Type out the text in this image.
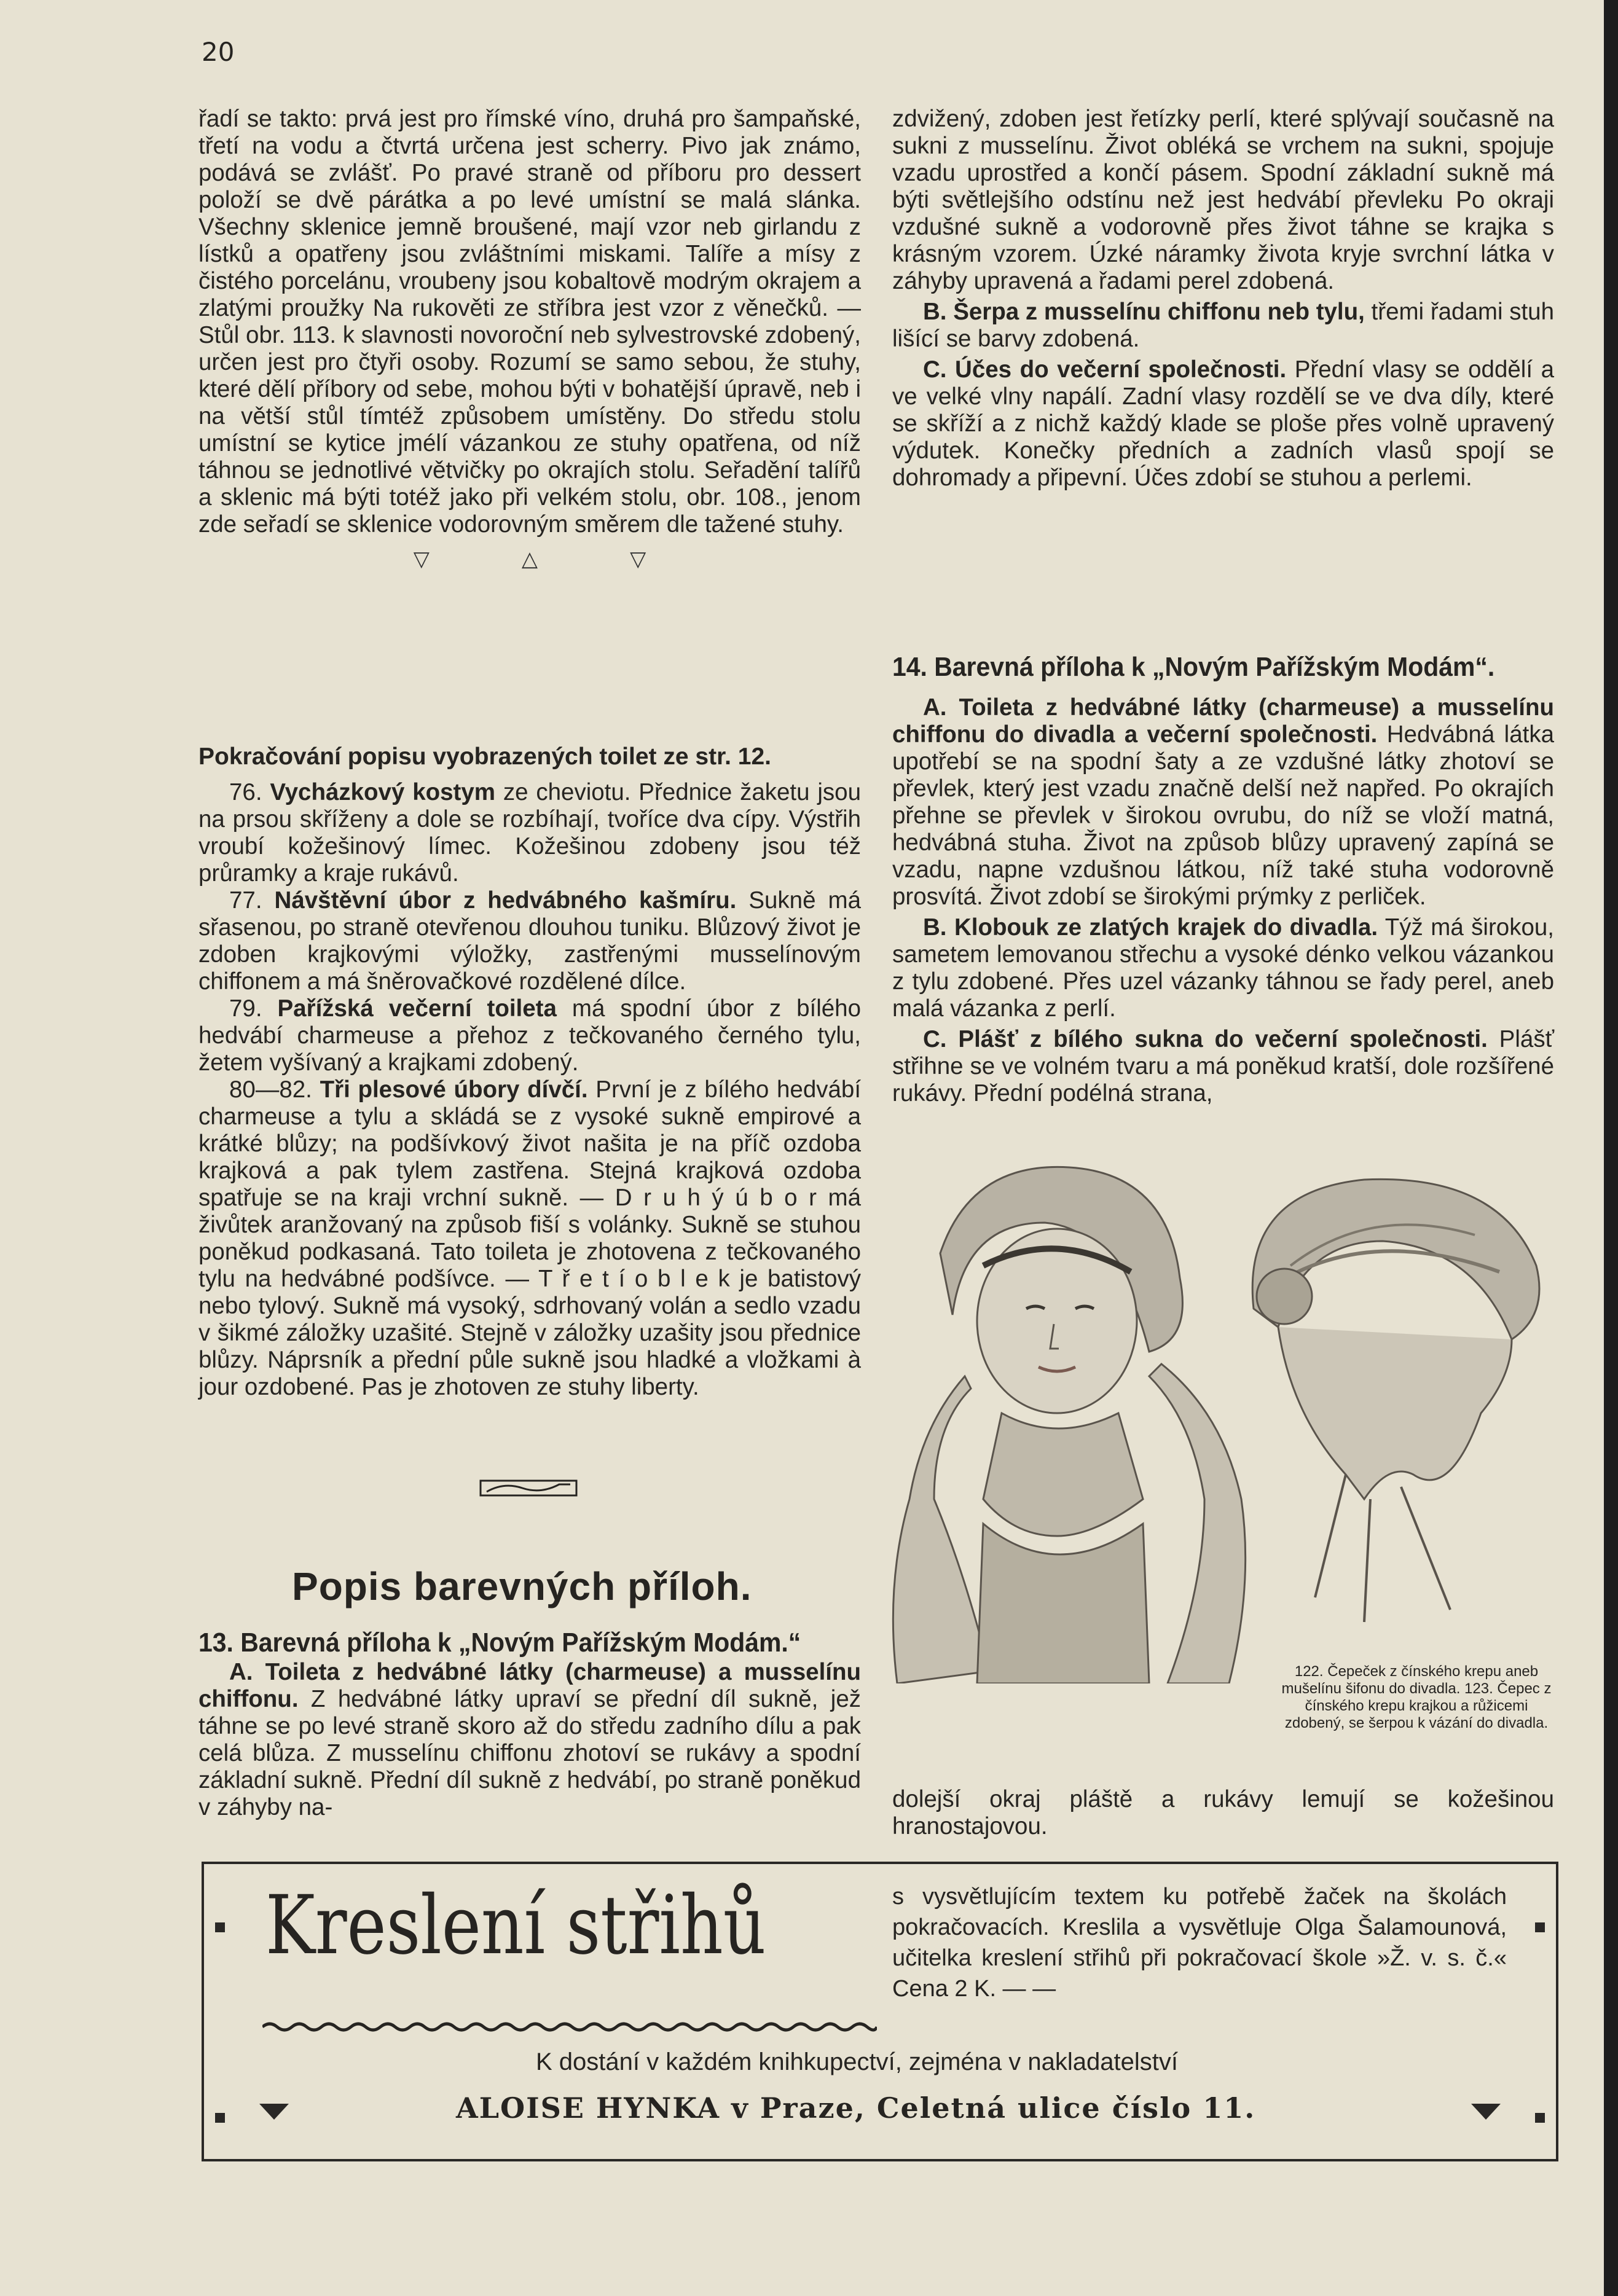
20

řadí se takto: prvá jest pro římské víno, druhá pro šampaňské, třetí na vodu a čtvrtá určena jest scherry. Pivo jak známo, podává se zvlášť. Po pravé straně od příboru pro dessert položí se dvě párátka a po levé umístní se malá slánka. Všechny sklenice jemně broušené, mají vzor neb girlandu z lístků a opatřeny jsou zvláštními miskami. Talíře a mísy z čistého porcelánu, vroubeny jsou kobaltově modrým okrajem a zlatými proužky Na rukověti ze stříbra jest vzor z věnečků. — Stůl obr. 113. k slavnosti novoroční neb sylvestrovské zdobený, určen jest pro čtyři osoby. Rozumí se samo sebou, že stuhy, které dělí příbory od sebe, mohou býti v bohatější úpravě, neb i na větší stůl tímtéž způsobem umístěny. Do středu stolu umístní se kytice jmélí vázankou ze stuhy opatřena, od níž táhnou se jednotlivé větvičky po okrajích stolu. Seřadění talířů a sklenic má býti totéž jako při velkém stolu, obr. 108., jenom zde seřadí se sklenice vodorovným směrem dle tažené stuhy.

▽△▽

Pokračování popisu vyobrazených toilet ze str. 12.

76. Vycházkový kostym ze cheviotu. Přednice žaketu jsou na prsou skříženy a dole se rozbíhají, tvoříce dva cípy. Výstřih vroubí kožešinový límec. Kožešinou zdobeny jsou též průramky a kraje rukávů.

77. Návštěvní úbor z hedvábného kašmíru. Sukně má sřasenou, po straně otevřenou dlouhou tuniku. Blůzový život je zdoben krajkovými výložky, zastřenými musselínovým chiffonem a má šněrovačkové rozdělené dílce.

79. Pařížská večerní toileta má spodní úbor z bílého hedvábí charmeuse a přehoz z tečkovaného černého tylu, žetem vyšívaný a krajkami zdobený.

80—82. Tři plesové úbory dívčí. První je z bílého hedvábí charmeuse a tylu a skládá se z vysoké sukně empirové a krátké blůzy; na podšívkový život našita je na příč ozdoba krajková a pak tylem zastřena. Stejná krajková ozdoba spatřuje se na kraji vrchní sukně. — D r u h ý ú b o r má živůtek aranžovaný na způsob fiší s volánky. Sukně se stuhou poněkud podkasaná. Tato toileta je zhotovena z tečkovaného tylu na hedvábné podšívce. — T ř e t í o b l e k je batistový nebo tylový. Sukně má vysoký, sdrhovaný volán a sedlo vzadu v šikmé záložky uzašité. Stejně v záložky uzašity jsou přednice blůzy. Náprsník a přední půle sukně jsou hladké a vložkami à jour ozdobené. Pas je zhotoven ze stuhy liberty.

Popis barevných příloh.

13. Barevná příloha k „Novým Pařížským Modám.“

A. Toileta z hedvábné látky (charmeuse) a musselínu chiffonu. Z hedvábné látky upraví se přední díl sukně, jež táhne se po levé straně skoro až do středu zadního dílu a pak celá blůza. Z musselínu chiffonu zhotoví se rukávy a spodní základní sukně. Přední díl sukně z hedvábí, po straně poněkud v záhyby na-

zdvižený, zdoben jest řetízky perlí, které splývají současně na sukni z musselínu. Život obléká se vrchem na sukni, spojuje vzadu uprostřed a končí pásem. Spodní základní sukně má býti světlejšího odstínu než jest hedvábí převleku Po okraji vzdušné sukně a vodorovně přes život táhne se krajka s krásným vzorem. Úzké náramky života kryje svrchní látka v záhyby upravená a řadami perel zdobená.

B. Šerpa z musselínu chiffonu neb tylu, třemi řadami stuh lišící se barvy zdobená.

C. Účes do večerní společnosti. Přední vlasy se oddělí a ve velké vlny napálí. Zadní vlasy rozdělí se ve dva díly, které se skříží a z nichž každý klade se ploše přes volně upravený výdutek. Konečky předních a zadních vlasů spojí se dohromady a připevní. Účes zdobí se stuhou a perlemi.

14. Barevná příloha k „Novým Pařížským Modám“.

A. Toileta z hedvábné látky (charmeuse) a musselínu chiffonu do divadla a večerní společnosti. Hedvábná látka upotřebí se na spodní šaty a ze vzdušné látky zhotoví se převlek, který jest vzadu značně delší než napřed. Po okrajích přehne se převlek v širokou ovrubu, do níž se vloží matná, hedvábná stuha. Život na způsob blůzy upravený zapíná se vzadu, napne vzdušnou látkou, níž také stuha vodorovně prosvítá. Život zdobí se širokými prýmky z perliček.

B. Klobouk ze zlatých krajek do divadla. Týž má širokou, sametem lemovanou střechu a vysoké dénko velkou vázankou z tylu zdobené. Přes uzel vázanky táhnou se řady perel, aneb malá vázanka z perlí.

C. Plášť z bílého sukna do večerní společnosti. Plášť střihne se ve volném tvaru a má poněkud kratší, dole rozšířené rukávy. Přední podélná strana,

122. Čepeček z čínského krepu aneb mušelínu šifonu do divadla. 123. Čepec z čínského krepu krajkou a růžicemi zdobený, se šerpou k vázání do divadla.
dolejší okraj pláště a rukávy lemují se kožešinou hranostajovou.
Kreslení střihů	s vysvětlujícím textem ku potřebě žaček na školách pokračovacích. Kreslila a vysvětluje Olga Šalamounová, učitelka kreslení střihů při pokračovací škole »Ž. v. s. č.« Cena 2 K. — —
K dostání v každém knihkupectví, zejména v nakladatelství
ALOISE HYNKA v Praze, Celetná ulice číslo 11.
